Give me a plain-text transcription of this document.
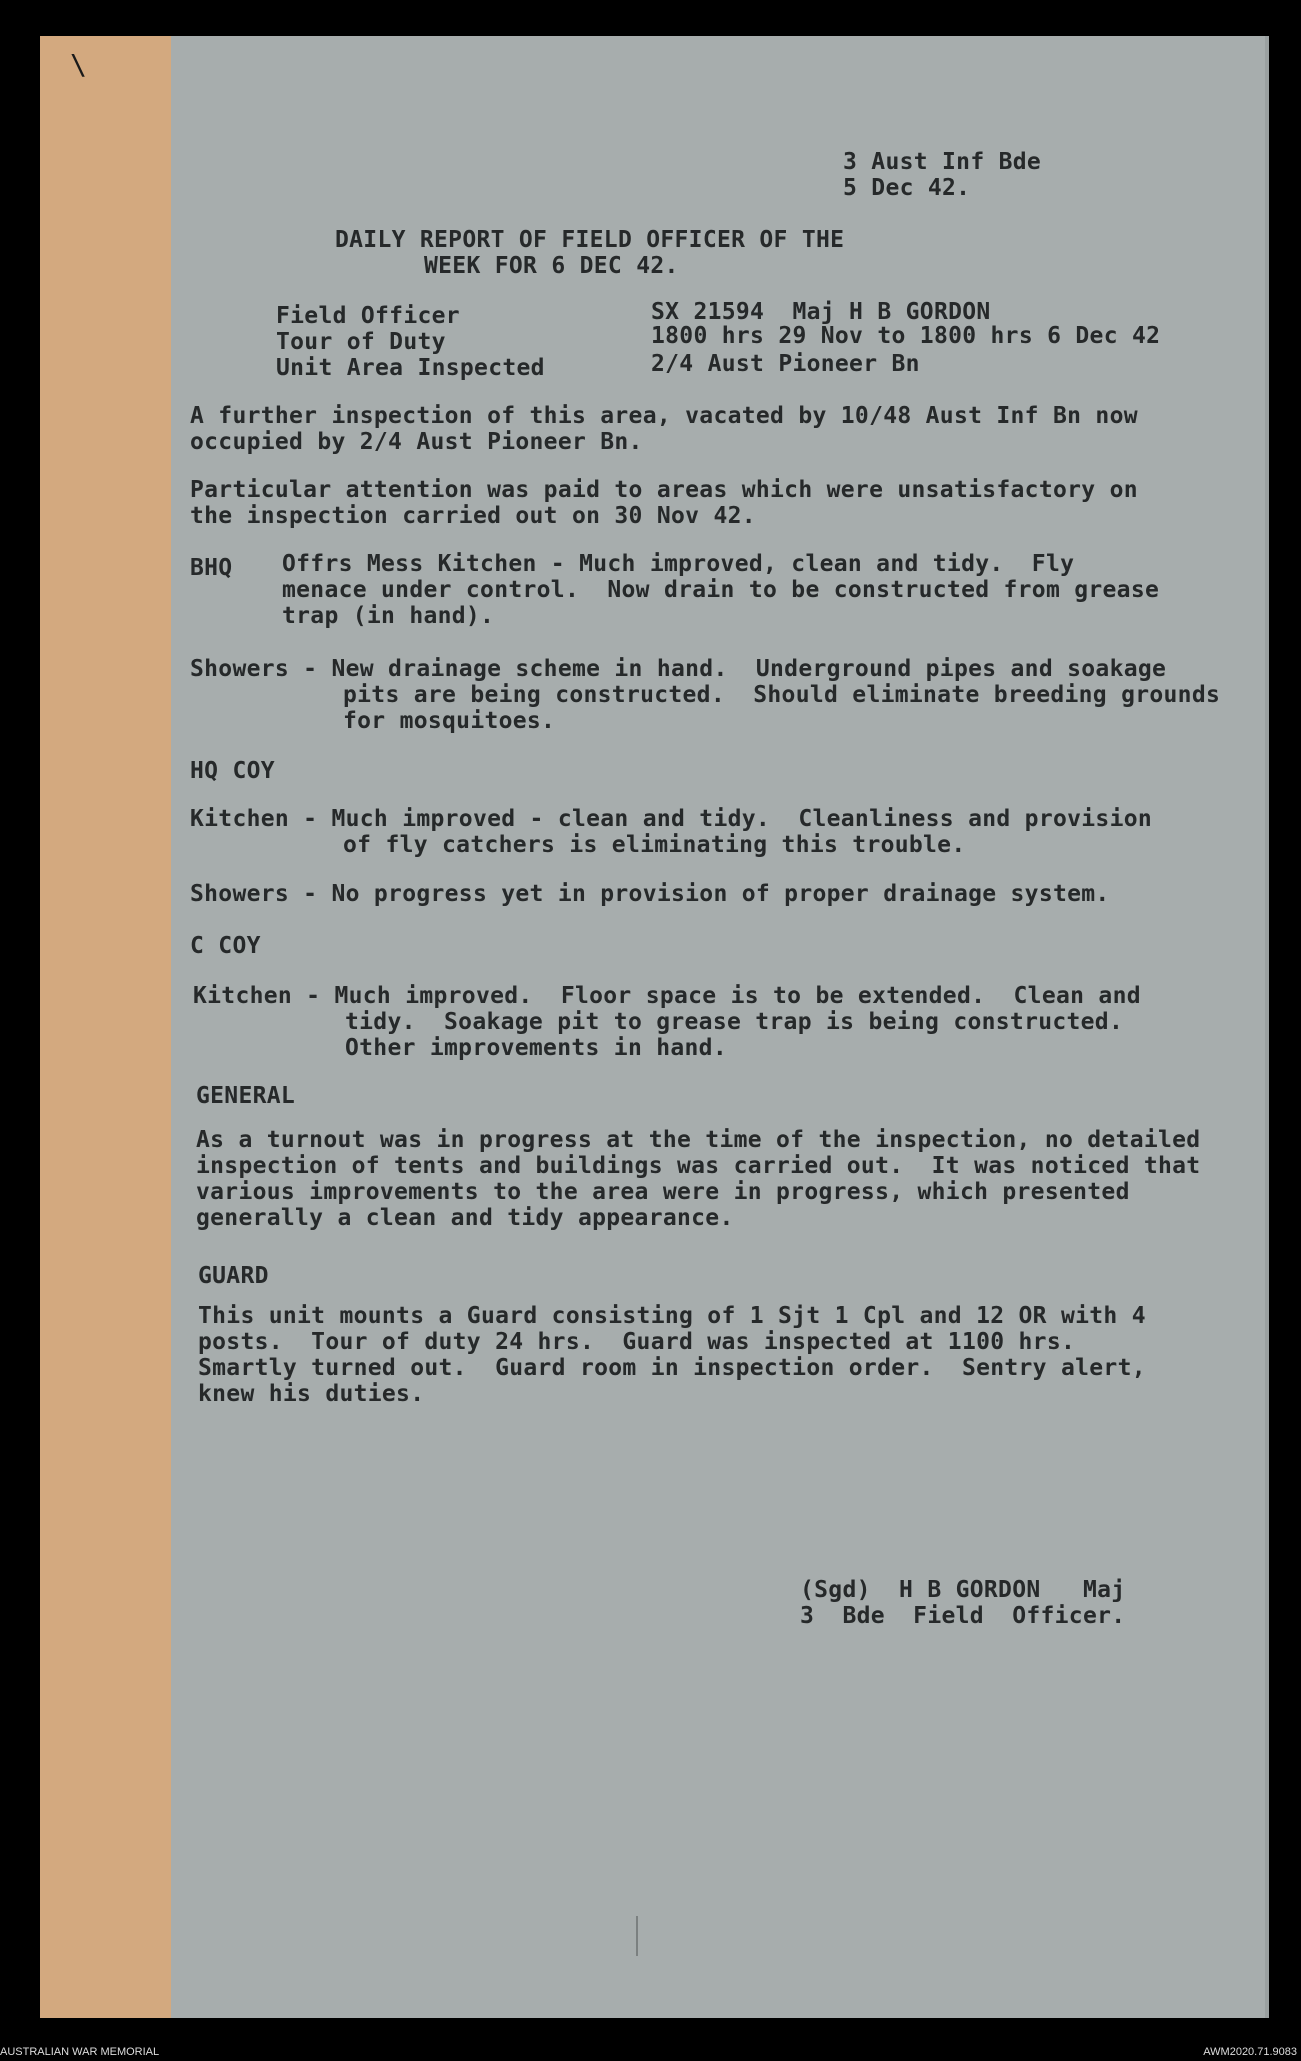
\
3 Aust Inf Bde
5 Dec 42.
DAILY REPORT OF FIELD OFFICER OF THE
WEEK FOR 6 DEC 42.
Field Officer	SX 21594  Maj H B GORDON
Tour of Duty	1800 hrs 29 Nov to 1800 hrs 6 Dec 42
Unit Area Inspected	2/4 Aust Pioneer Bn
A further inspection of this area, vacated by 10/48 Aust Inf Bn now
occupied by 2/4 Aust Pioneer Bn.
Particular attention was paid to areas which were unsatisfactory on
the inspection carried out on 30 Nov 42.
BHQ Offrs Mess Kitchen - Much improved, clean and tidy.  Fly
menace under control.  Now drain to be constructed from grease
trap (in hand).
Showers - New drainage scheme in hand.  Underground pipes and soakage
pits are being constructed.  Should eliminate breeding grounds
for mosquitoes.
HQ COY
Kitchen - Much improved - clean and tidy.  Cleanliness and provision
of fly catchers is eliminating this trouble.
Showers - No progress yet in provision of proper drainage system.
C COY
Kitchen - Much improved.  Floor space is to be extended.  Clean and
tidy.  Soakage pit to grease trap is being constructed.
Other improvements in hand.
GENERAL
As a turnout was in progress at the time of the inspection, no detailed
inspection of tents and buildings was carried out.  It was noticed that
various improvements to the area were in progress, which presented
generally a clean and tidy appearance.
GUARD
This unit mounts a Guard consisting of 1 Sjt 1 Cpl and 12 OR with 4
posts.  Tour of duty 24 hrs.  Guard was inspected at 1100 hrs.
Smartly turned out.  Guard room in inspection order.  Sentry alert,
knew his duties.
(Sgd)  H B GORDON   Maj
3  Bde  Field  Officer.
AUSTRALIAN WAR MEMORIAL	AWM2020.71.9083
